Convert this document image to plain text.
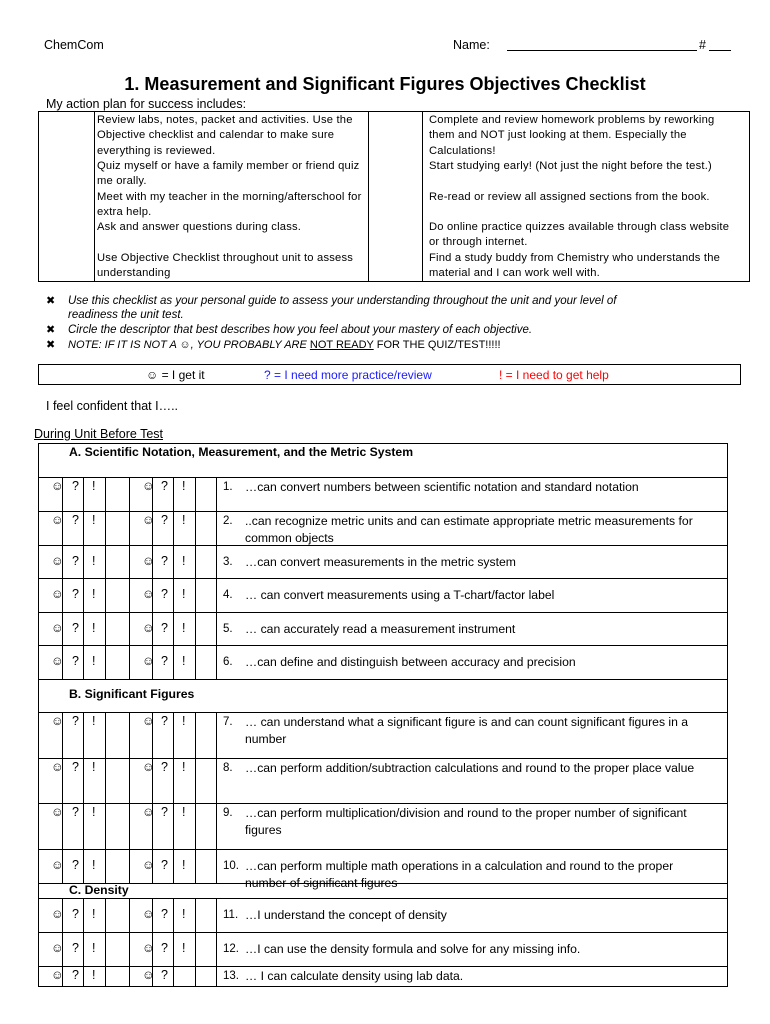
ChemCom	Name:	#
1. Measurement and Significant Figures Objectives Checklist
My action plan for success includes:
Review labs, notes, packet and activities. Use the Objective checklist and calendar to make sure everything is reviewed.
Quiz myself or have a family member or friend quiz me orally.
Meet with my teacher in the morning/afterschool for extra help.
Ask and answer questions during class.
Use Objective Checklist throughout unit to assess understanding
Complete and review homework problems by reworking them and NOT just looking at them. Especially the Calculations!
Start studying early! (Not just the night before the test.)
Re-read or review all assigned sections from the book.
Do online practice quizzes available through class website or through internet.
Find a study buddy from Chemistry who understands the material and I can work well with.
✖ Use this checklist as your personal guide to assess your understanding throughout the unit and your level of
readiness the unit test.
✖ Circle the descriptor that best describes how you feel about your mastery of each objective.
✖ NOTE: IF IT IS NOT A ☺, YOU PROBABLY ARE NOT READY FOR THE QUIZ/TEST!!!!!
☺ = I get it	? = I need more practice/review	! = I need to get help
I feel confident that I…..
During Unit Before Test
A. Scientific Notation, Measurement, and the Metric System
☺ ? !	☺ ? !	1. …can convert numbers between scientific notation and standard notation
☺ ? !	☺ ? !	2. ..can recognize metric units and can estimate appropriate metric measurements for common objects
☺ ? !	☺ ? !	3. …can convert measurements in the metric system
☺ ? !	☺ ? !	4. … can convert measurements using a T-chart/factor label
☺ ? !	☺ ? !	5. … can accurately read a measurement instrument
☺ ? !	☺ ? !	6. …can define and distinguish between accuracy and precision
B. Significant Figures
☺ ? !	☺ ? !	7. … can understand what a significant figure is and can count significant figures in a number
☺ ? !	☺ ? !	8. …can perform addition/subtraction calculations and round to the proper place value
☺ ? !	☺ ? !	9. …can perform multiplication/division and round to the proper number of significant figures
☺ ? !	☺ ? !	10. …can perform multiple math operations in a calculation and round to the proper number of significant figures
C. Density
☺ ? !	☺ ? !	11. …I understand the concept of density
☺ ? !	☺ ? !	12. …I can use the density formula and solve for any missing info.
☺ ? !	☺ ?	13. … I can calculate density using lab data.
